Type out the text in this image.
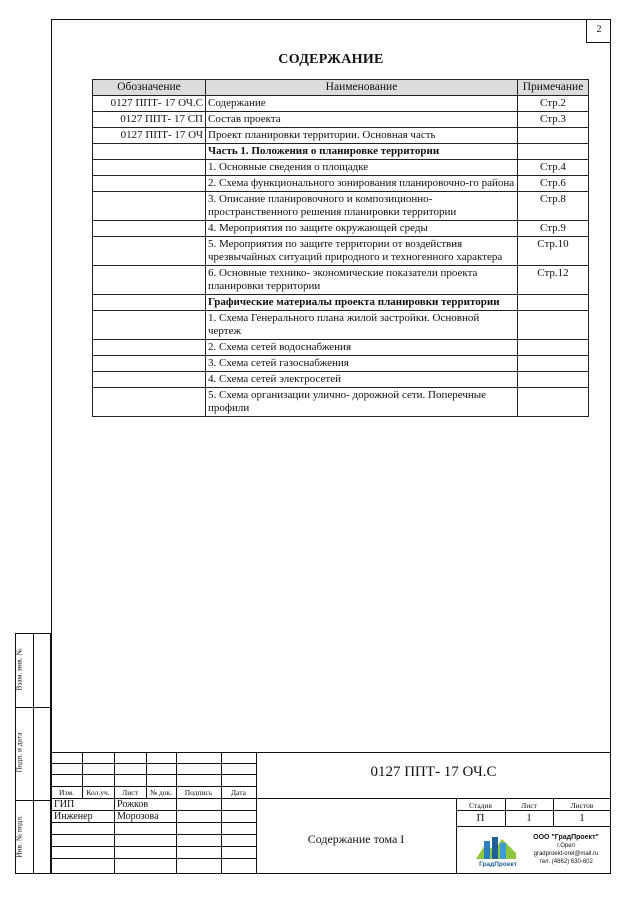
2
СОДЕРЖАНИЕ
Обозначение	Наименование	Примечание
0127 ППТ- 17 ОЧ.С	Содержание	Стр.2
0127 ППТ- 17 СП	Состав проекта	Стр.3
0127 ППТ- 17 ОЧ	Проект планировки территории. Основная часть	
	Часть 1. Положения о планировке территории	
	1. Основные сведения о площадке	Стр.4
	2. Схема функционального зонирования планировочно-го района	Стр.6
	3. Описание планировочного и композиционно-пространственного решения планировки территории	Стр.8
	4. Мероприятия по защите окружающей среды	Стр.9
	5. Мероприятия по защите территории от воздействия чрезвычайных ситуаций природного и техногенного характера	Стр.10
	6. Основные технико- экономические показатели проекта планировки территории	Стр.12
	Графические материалы проекта планировки территории	
	1. Схема Генерального плана жилой застройки. Основной чертеж	
	2. Схема сетей водоснабжения	
	3. Схема сетей газоснабжения	
	4. Схема сетей электросетей	
	5. Схема организации улично- дорожной сети. Поперечные профили	
Взам. инв. №
Подп. и дата
Инв. № подл.
Изм.	Кол.уч.	Лист	№ док.	Подпись	Дата
ГИП	Рожков
Инженер Морозова
0127 ППТ- 17 ОЧ.С
Содержание тома I
Стадия	Лист	Листов
П	1	1
ГрадПроект
ООО "ГрадПроект"
г.Орел
gradproekt-orel@mail.ru
тел. (4862) 630-602
